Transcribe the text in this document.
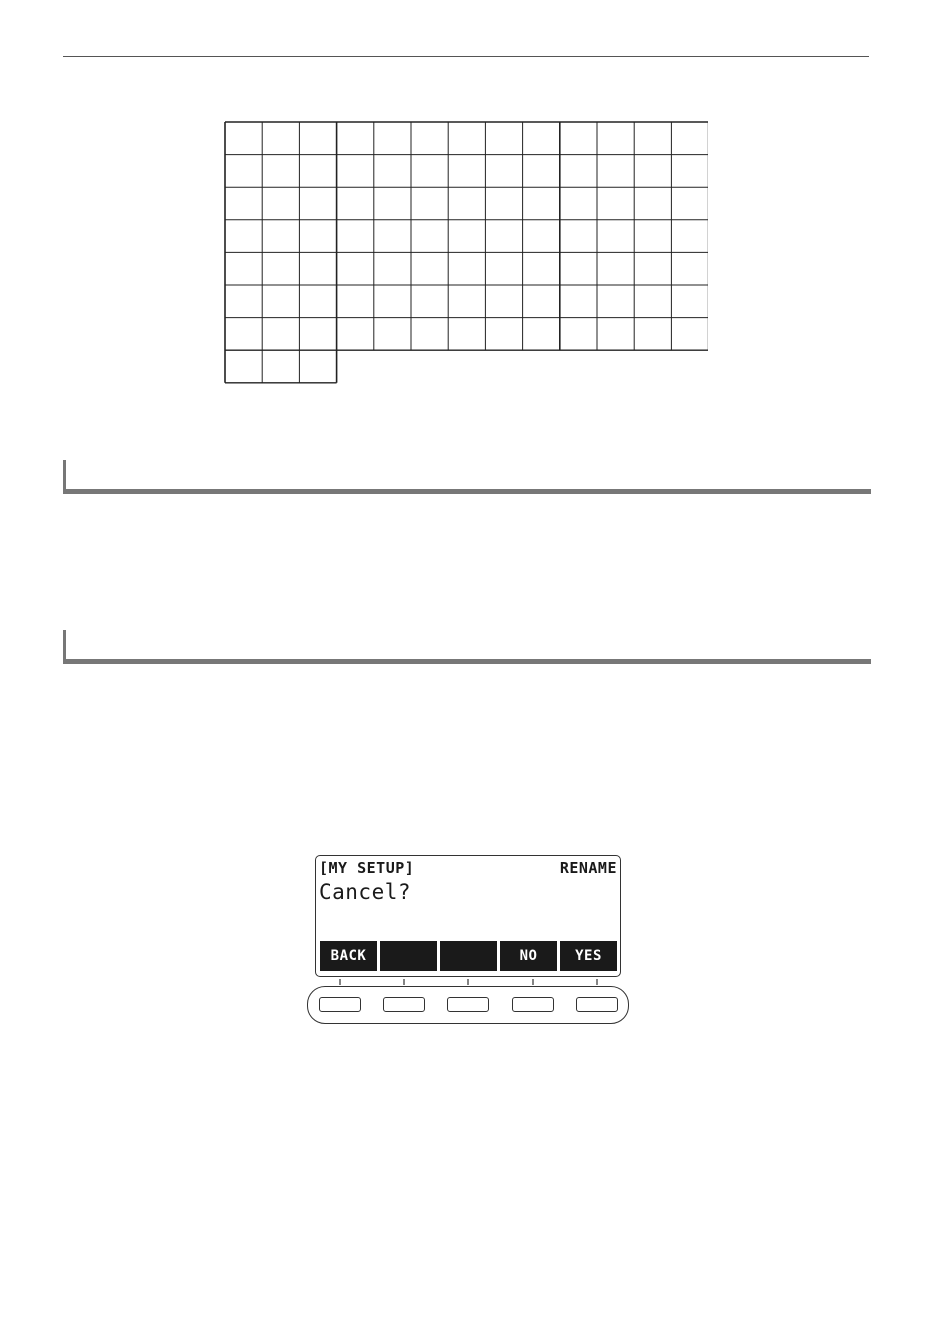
[MY SETUP]	RENAME
Cancel?
BACK	NO	YES
